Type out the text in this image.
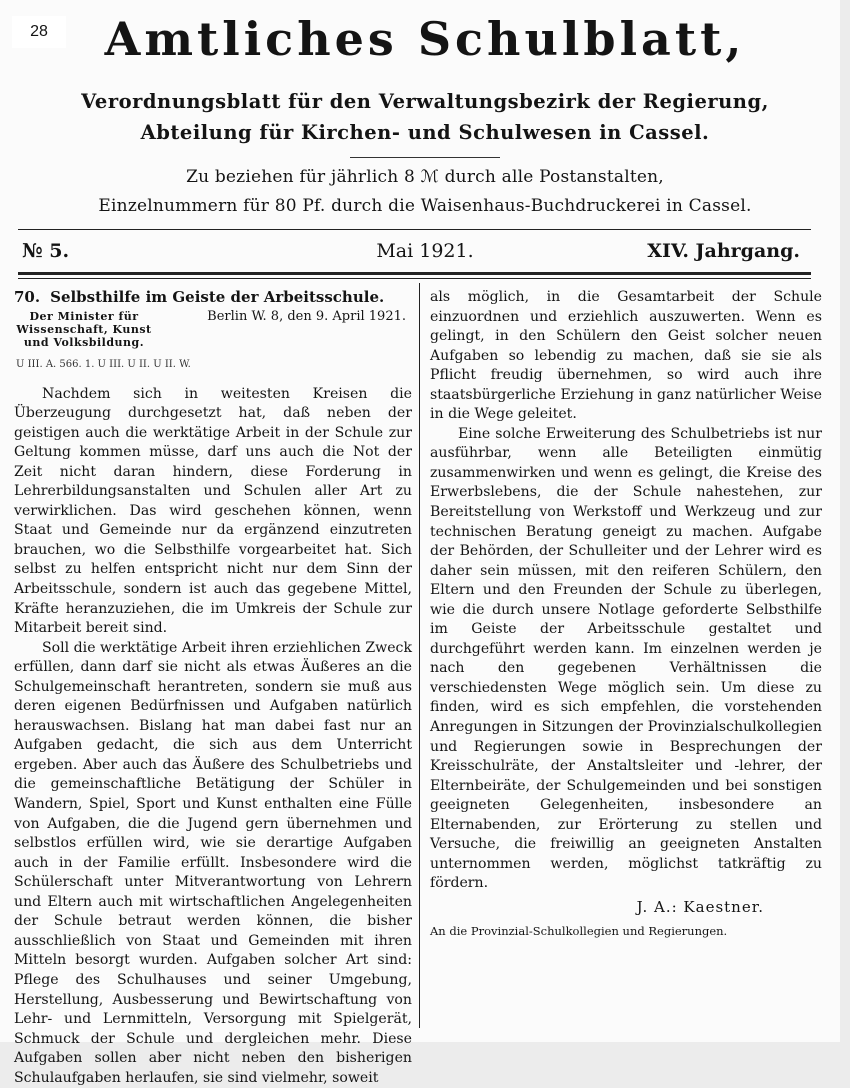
28	Amtliches Schulblatt,
Verordnungsblatt für den Verwaltungsbezirk der Regierung,
Abteilung für Kirchen- und Schulwesen in Cassel.
Zu beziehen für jährlich 8 ℳ durch alle Postanstalten,
Einzelnummern für 80 Pf. durch die Waisenhaus-Buchdruckerei in Cassel.
№ 5.	Mai 1921.	XIV. Jahrgang.
70. Selbsthilfe im Geiste der Arbeitsschule.
Der Minister für Wissenschaft, Kunst und Volksbildung.
Berlin W. 8, den 9. April 1921.
U III. A. 566. 1. U III. U II. U II. W.

Nachdem sich in weitesten Kreisen die Überzeugung durchgesetzt hat, daß neben der geistigen auch die werktätige Arbeit in der Schule zur Geltung kommen müsse, darf uns auch die Not der Zeit nicht daran hindern, diese Forderung in Lehrerbildungsanstalten und Schulen aller Art zu verwirklichen. Das wird geschehen können, wenn Staat und Gemeinde nur da ergänzend einzutreten brauchen, wo die Selbsthilfe vorgearbeitet hat. Sich selbst zu helfen entspricht nicht nur dem Sinn der Arbeitsschule, sondern ist auch das gegebene Mittel, Kräfte heranzuziehen, die im Umkreis der Schule zur Mitarbeit bereit sind.

Soll die werktätige Arbeit ihren erziehlichen Zweck erfüllen, dann darf sie nicht als etwas Äußeres an die Schulgemeinschaft herantreten, sondern sie muß aus deren eigenen Bedürfnissen und Aufgaben natürlich herauswachsen. Bislang hat man dabei fast nur an Aufgaben gedacht, die sich aus dem Unterricht ergeben. Aber auch das Äußere des Schulbetriebs und die gemeinschaftliche Betätigung der Schüler in Wandern, Spiel, Sport und Kunst enthalten eine Fülle von Aufgaben, die die Jugend gern übernehmen und selbstlos erfüllen wird, wie sie derartige Aufgaben auch in der Familie erfüllt. Insbesondere wird die Schülerschaft unter Mitverantwortung von Lehrern und Eltern auch mit wirtschaftlichen Angelegenheiten der Schule betraut werden können, die bisher ausschließlich von Staat und Gemeinden mit ihren Mitteln besorgt wurden. Aufgaben solcher Art sind: Pflege des Schulhauses und seiner Umgebung, Herstellung, Ausbesserung und Bewirtschaftung von Lehr- und Lernmitteln, Versorgung mit Spielgerät, Schmuck der Schule und dergleichen mehr. Diese Aufgaben sollen aber nicht neben den bisherigen Schulaufgaben herlaufen, sie sind vielmehr, soweit

als möglich, in die Gesamtarbeit der Schule einzuordnen und erziehlich auszuwerten. Wenn es gelingt, in den Schülern den Geist solcher neuen Aufgaben so lebendig zu machen, daß sie sie als Pflicht freudig übernehmen, so wird auch ihre staatsbürgerliche Erziehung in ganz natürlicher Weise in die Wege geleitet.

Eine solche Erweiterung des Schulbetriebs ist nur ausführbar, wenn alle Beteiligten einmütig zusammenwirken und wenn es gelingt, die Kreise des Erwerbslebens, die der Schule nahestehen, zur Bereitstellung von Werkstoff und Werkzeug und zur technischen Beratung geneigt zu machen. Aufgabe der Behörden, der Schulleiter und der Lehrer wird es daher sein müssen, mit den reiferen Schülern, den Eltern und den Freunden der Schule zu überlegen, wie die durch unsere Notlage geforderte Selbsthilfe im Geiste der Arbeitsschule gestaltet und durchgeführt werden kann. Im einzelnen werden je nach den gegebenen Verhältnissen die verschiedensten Wege möglich sein. Um diese zu finden, wird es sich empfehlen, die vorstehenden Anregungen in Sitzungen der Provinzialschulkollegien und Regierungen sowie in Besprechungen der Kreisschulräte, der Anstaltsleiter und -lehrer, der Elternbeiräte, der Schulgemeinden und bei sonstigen geeigneten Gelegenheiten, insbesondere an Elternabenden, zur Erörterung zu stellen und Versuche, die freiwillig an geeigneten Anstalten unternommen werden, möglichst tatkräftig zu fördern.

J. A.: Kaestner.
An die Provinzial-Schulkollegien und Regierungen.
